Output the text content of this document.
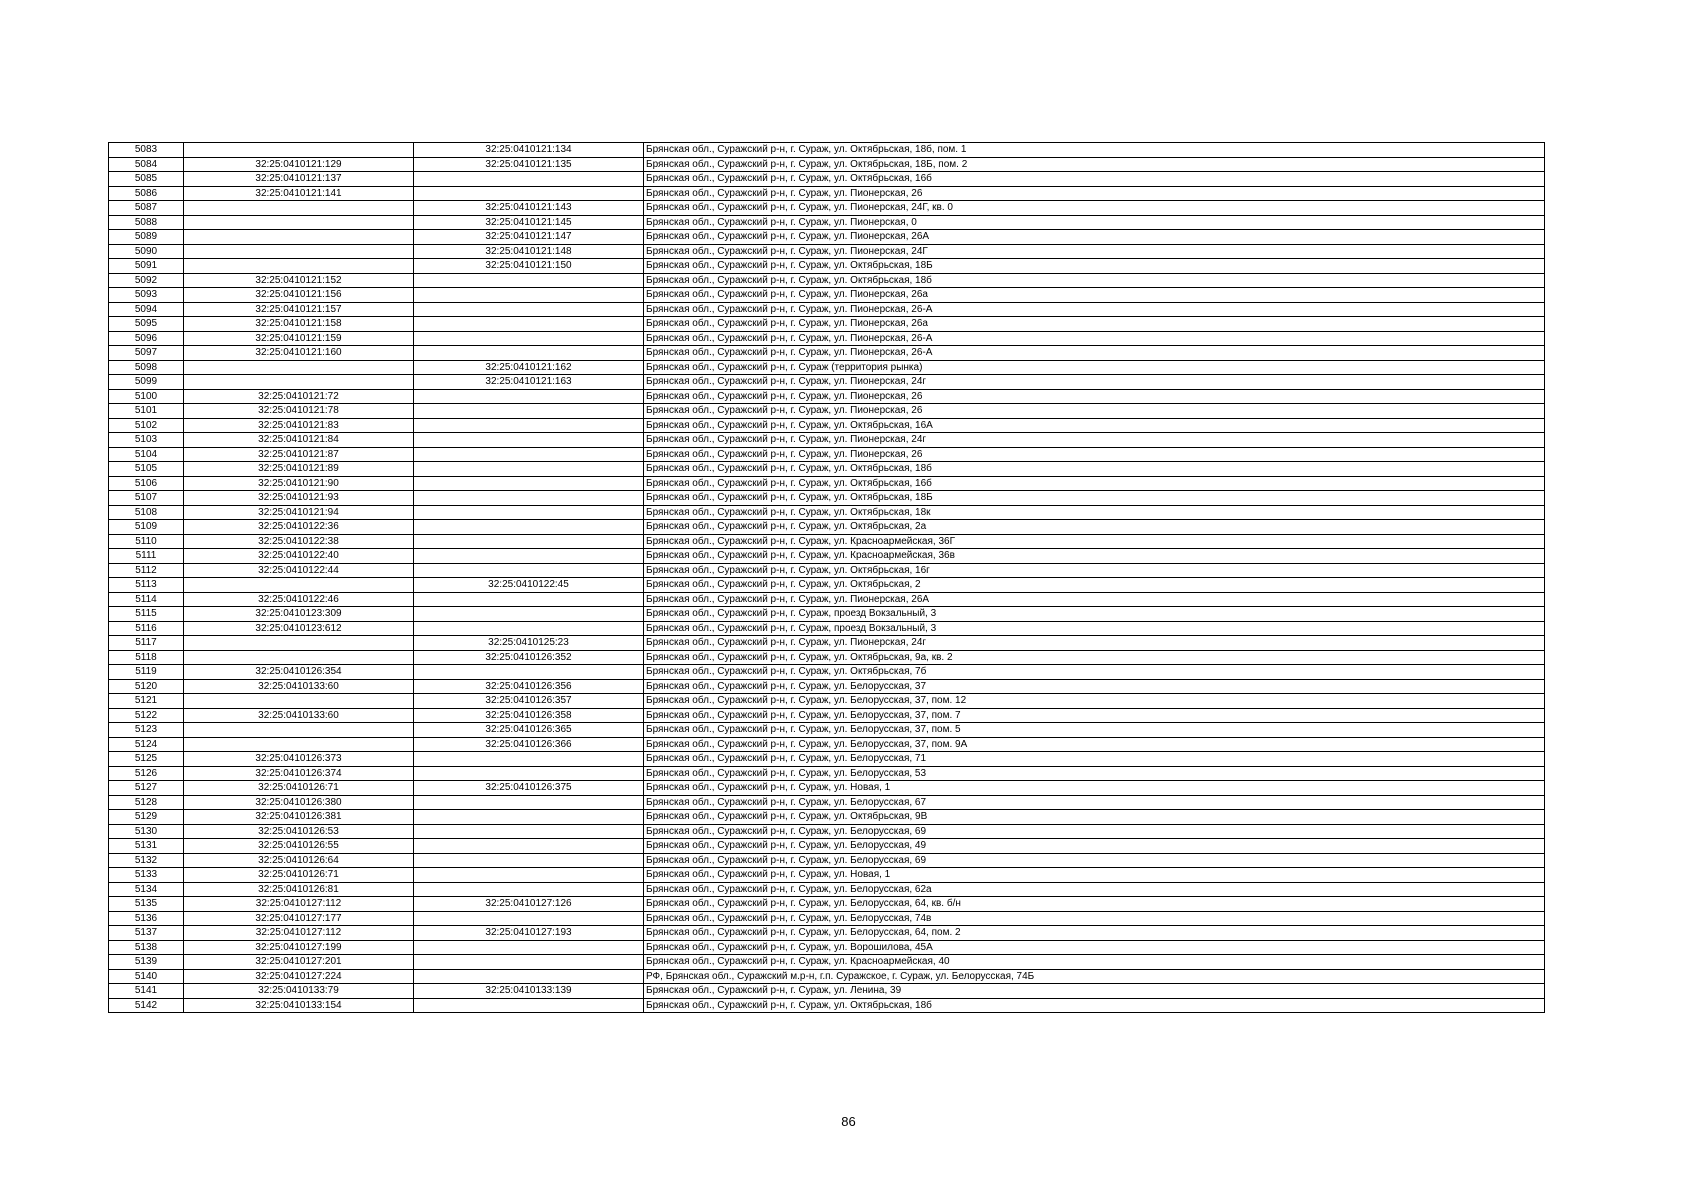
5083		32:25:0410121:134	Брянская обл., Суражский р-н, г. Сураж, ул. Октябрьская, 18б, пом. 1
5084	32:25:0410121:129	32:25:0410121:135	Брянская обл., Суражский р-н, г. Сураж, ул. Октябрьская, 18Б, пом. 2
5085	32:25:0410121:137		Брянская обл., Суражский р-н, г. Сураж, ул. Октябрьская, 16б
5086	32:25:0410121:141		Брянская обл., Суражский р-н, г. Сураж, ул. Пионерская, 26
5087		32:25:0410121:143	Брянская обл., Суражский р-н, г. Сураж, ул. Пионерская, 24Г, кв. 0
5088		32:25:0410121:145	Брянская обл., Суражский р-н, г. Сураж, ул. Пионерская, 0
5089		32:25:0410121:147	Брянская обл., Суражский р-н, г. Сураж, ул. Пионерская, 26А
5090		32:25:0410121:148	Брянская обл., Суражский р-н, г. Сураж, ул. Пионерская, 24Г
5091		32:25:0410121:150	Брянская обл., Суражский р-н, г. Сураж, ул. Октябрьская, 18Б
5092	32:25:0410121:152		Брянская обл., Суражский р-н, г. Сураж, ул. Октябрьская, 18б
5093	32:25:0410121:156		Брянская обл., Суражский р-н, г. Сураж, ул. Пионерская, 26а
5094	32:25:0410121:157		Брянская обл., Суражский р-н, г. Сураж, ул. Пионерская, 26-А
5095	32:25:0410121:158		Брянская обл., Суражский р-н, г. Сураж, ул. Пионерская, 26а
5096	32:25:0410121:159		Брянская обл., Суражский р-н, г. Сураж, ул. Пионерская, 26-А
5097	32:25:0410121:160		Брянская обл., Суражский р-н, г. Сураж, ул. Пионерская, 26-А
5098		32:25:0410121:162	Брянская обл., Суражский р-н, г. Сураж (территория рынка)
5099		32:25:0410121:163	Брянская обл., Суражский р-н, г. Сураж, ул. Пионерская, 24г
5100	32:25:0410121:72		Брянская обл., Суражский р-н, г. Сураж, ул. Пионерская, 26
5101	32:25:0410121:78		Брянская обл., Суражский р-н, г. Сураж, ул. Пионерская, 26
5102	32:25:0410121:83		Брянская обл., Суражский р-н, г. Сураж, ул. Октябрьская, 16А
5103	32:25:0410121:84		Брянская обл., Суражский р-н, г. Сураж, ул. Пионерская, 24г
5104	32:25:0410121:87		Брянская обл., Суражский р-н, г. Сураж, ул. Пионерская, 26
5105	32:25:0410121:89		Брянская обл., Суражский р-н, г. Сураж, ул. Октябрьская, 18б
5106	32:25:0410121:90		Брянская обл., Суражский р-н, г. Сураж, ул. Октябрьская, 16б
5107	32:25:0410121:93		Брянская обл., Суражский р-н, г. Сураж, ул. Октябрьская, 18Б
5108	32:25:0410121:94		Брянская обл., Суражский р-н, г. Сураж, ул. Октябрьская, 18к
5109	32:25:0410122:36		Брянская обл., Суражский р-н, г. Сураж, ул. Октябрьская, 2а
5110	32:25:0410122:38		Брянская обл., Суражский р-н, г. Сураж, ул. Красноармейская, 36Г
5111	32:25:0410122:40		Брянская обл., Суражский р-н, г. Сураж, ул. Красноармейская, 36в
5112	32:25:0410122:44		Брянская обл., Суражский р-н, г. Сураж, ул. Октябрьская, 16г
5113		32:25:0410122:45	Брянская обл., Суражский р-н, г. Сураж, ул. Октябрьская, 2
5114	32:25:0410122:46		Брянская обл., Суражский р-н, г. Сураж, ул. Пионерская, 26А
5115	32:25:0410123:309		Брянская обл., Суражский р-н, г. Сураж, проезд Вокзальный, 3
5116	32:25:0410123:612		Брянская обл., Суражский р-н, г. Сураж, проезд Вокзальный, 3
5117		32:25:0410125:23	Брянская обл., Суражский р-н, г. Сураж, ул. Пионерская, 24г
5118		32:25:0410126:352	Брянская обл., Суражский р-н, г. Сураж, ул. Октябрьская, 9а, кв. 2
5119	32:25:0410126:354		Брянская обл., Суражский р-н, г. Сураж, ул. Октябрьская, 7б
5120	32:25:0410133:60	32:25:0410126:356	Брянская обл., Суражский р-н, г. Сураж, ул. Белорусская, 37
5121		32:25:0410126:357	Брянская обл., Суражский р-н, г. Сураж, ул. Белорусская, 37, пом. 12
5122	32:25:0410133:60	32:25:0410126:358	Брянская обл., Суражский р-н, г. Сураж, ул. Белорусская, 37, пом. 7
5123		32:25:0410126:365	Брянская обл., Суражский р-н, г. Сураж, ул. Белорусская, 37, пом. 5
5124		32:25:0410126:366	Брянская обл., Суражский р-н, г. Сураж, ул. Белорусская, 37, пом. 9А
5125	32:25:0410126:373		Брянская обл., Суражский р-н, г. Сураж, ул. Белорусская, 71
5126	32:25:0410126:374		Брянская обл., Суражский р-н, г. Сураж, ул. Белорусская, 53
5127	32:25:0410126:71	32:25:0410126:375	Брянская обл., Суражский р-н, г. Сураж, ул. Новая, 1
5128	32:25:0410126:380		Брянская обл., Суражский р-н, г. Сураж, ул. Белорусская, 67
5129	32:25:0410126:381		Брянская обл., Суражский р-н, г. Сураж, ул. Октябрьская, 9В
5130	32:25:0410126:53		Брянская обл., Суражский р-н, г. Сураж, ул. Белорусская, 69
5131	32:25:0410126:55		Брянская обл., Суражский р-н, г. Сураж, ул. Белорусская, 49
5132	32:25:0410126:64		Брянская обл., Суражский р-н, г. Сураж, ул. Белорусская, 69
5133	32:25:0410126:71		Брянская обл., Суражский р-н, г. Сураж, ул. Новая, 1
5134	32:25:0410126:81		Брянская обл., Суражский р-н, г. Сураж, ул. Белорусская, 62а
5135	32:25:0410127:112	32:25:0410127:126	Брянская обл., Суражский р-н, г. Сураж, ул. Белорусская, 64, кв. б/н
5136	32:25:0410127:177		Брянская обл., Суражский р-н, г. Сураж, ул. Белорусская, 74в
5137	32:25:0410127:112	32:25:0410127:193	Брянская обл., Суражский р-н, г. Сураж, ул. Белорусская, 64, пом. 2
5138	32:25:0410127:199		Брянская обл., Суражский р-н, г. Сураж, ул. Ворошилова, 45А
5139	32:25:0410127:201		Брянская обл., Суражский р-н, г. Сураж, ул. Красноармейская, 40
5140	32:25:0410127:224		РФ, Брянская обл., Суражский м.р-н, г.п. Суражское, г. Сураж, ул. Белорусская, 74Б
5141	32:25:0410133:79	32:25:0410133:139	Брянская обл., Суражский р-н, г. Сураж, ул. Ленина, 39
5142	32:25:0410133:154		Брянская обл., Суражский р-н, г. Сураж, ул. Октябрьская, 18б
86
